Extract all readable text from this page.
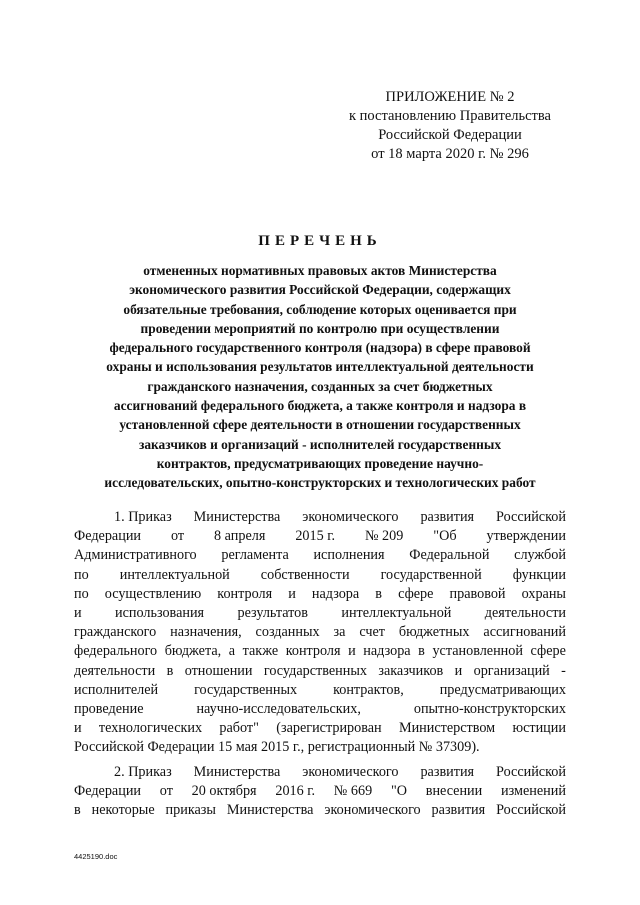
ПРИЛОЖЕНИЕ № 2
к постановлению Правительства
Российской Федерации
от 18 марта 2020 г. № 296
ПЕРЕЧЕНЬ
отмененных нормативных правовых актов Министерства
экономического развития Российской Федерации, содержащих
обязательные требования, соблюдение которых оценивается при
проведении мероприятий по контролю при осуществлении
федерального государственного контроля (надзора) в сфере правовой
охраны и использования результатов интеллектуальной деятельности
гражданского назначения, созданных за счет бюджетных
ассигнований федерального бюджета, а также контроля и надзора в
установленной сфере деятельности в отношении государственных
заказчиков и организаций - исполнителей государственных
контрактов, предусматривающих проведение научно-
исследовательских, опытно-конструкторских и технологических работ
1. Приказ Министерства экономического развития Российской
Федерации от 8 апреля 2015 г. № 209 "Об утверждении
Административного регламента исполнения Федеральной службой
по интеллектуальной собственности государственной функции
по осуществлению контроля и надзора в сфере правовой охраны
и использования результатов интеллектуальной деятельности
гражданского назначения, созданных за счет бюджетных ассигнований
федерального бюджета, а также контроля и надзора в установленной сфере
деятельности в отношении государственных заказчиков и организаций -
исполнителей	государственных	контрактов,	предусматривающих
проведение	научно-исследовательских,	опытно-конструкторских
и технологических работ" (зарегистрирован Министерством юстиции
Российской Федерации 15 мая 2015 г., регистрационный № 37309).
2. Приказ Министерства экономического развития Российской
Федерации от 20 октября 2016 г. № 669 "О внесении изменений
в некоторые приказы Министерства экономического развития Российской
4425190.doc
